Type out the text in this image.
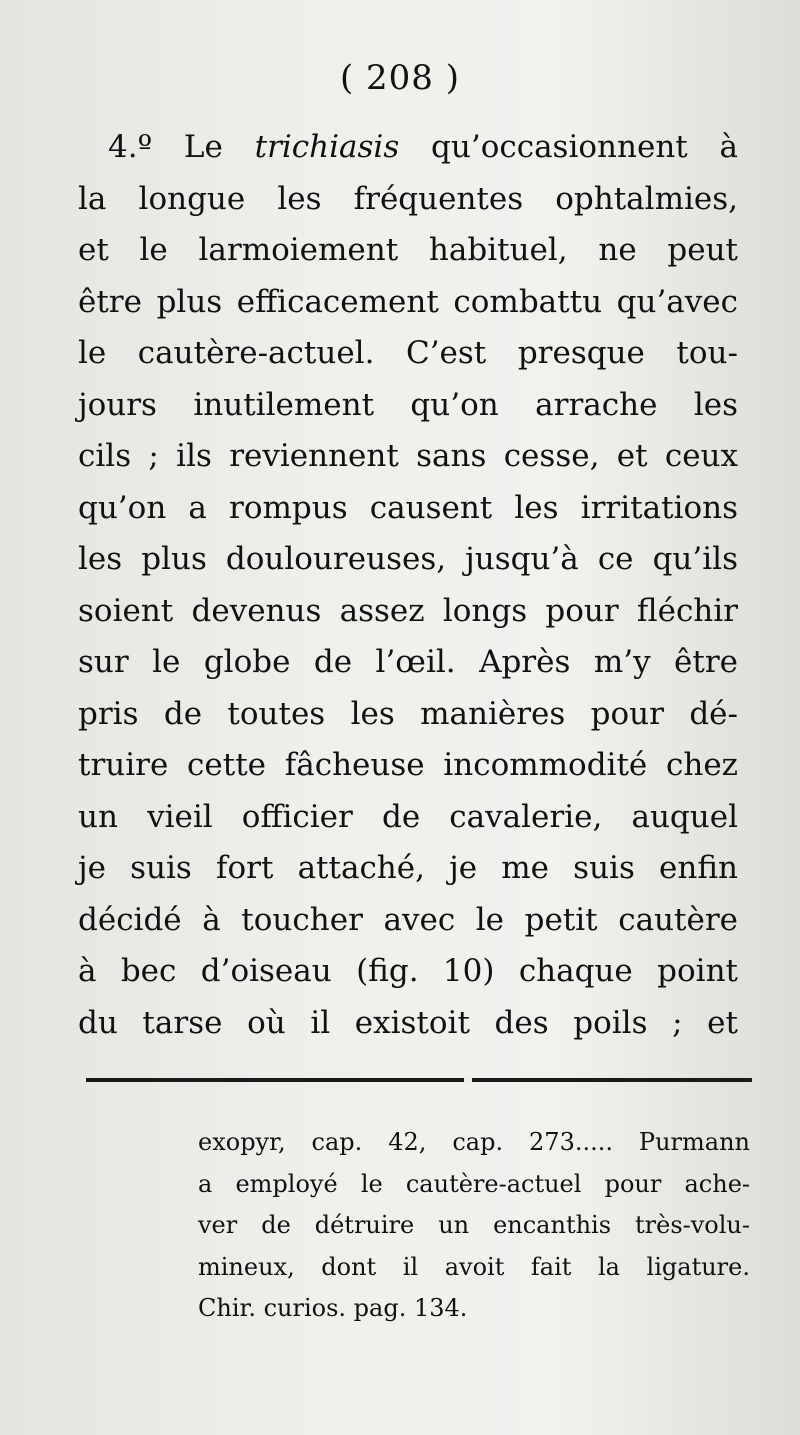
( 208 )
4.º Le trichiasis qu’occasionnent à
la longue les fréquentes ophtalmies,
et le larmoiement habituel, ne peut
être plus efficacement combattu qu’avec
le cautère-actuel. C’est presque tou-
jours inutilement qu’on arrache les
cils ; ils reviennent sans cesse, et ceux
qu’on a rompus causent les irritations
les plus douloureuses, jusqu’à ce qu’ils
soient devenus assez longs pour fléchir
sur le globe de l’œil. Après m’y être
pris de toutes les manières pour dé-
truire cette fâcheuse incommodité chez
un vieil officier de cavalerie, auquel
je suis fort attaché, je me suis enfin
décidé à toucher avec le petit cautère
à bec d’oiseau (fig. 10) chaque point
du tarse où il existoit des poils ; et
exopyr, cap. 42, cap. 273..... Purmann
a employé le cautère-actuel pour ache-
ver de détruire un encanthis très-volu-
mineux, dont il avoit fait la ligature.
Chir. curios. pag. 134.
